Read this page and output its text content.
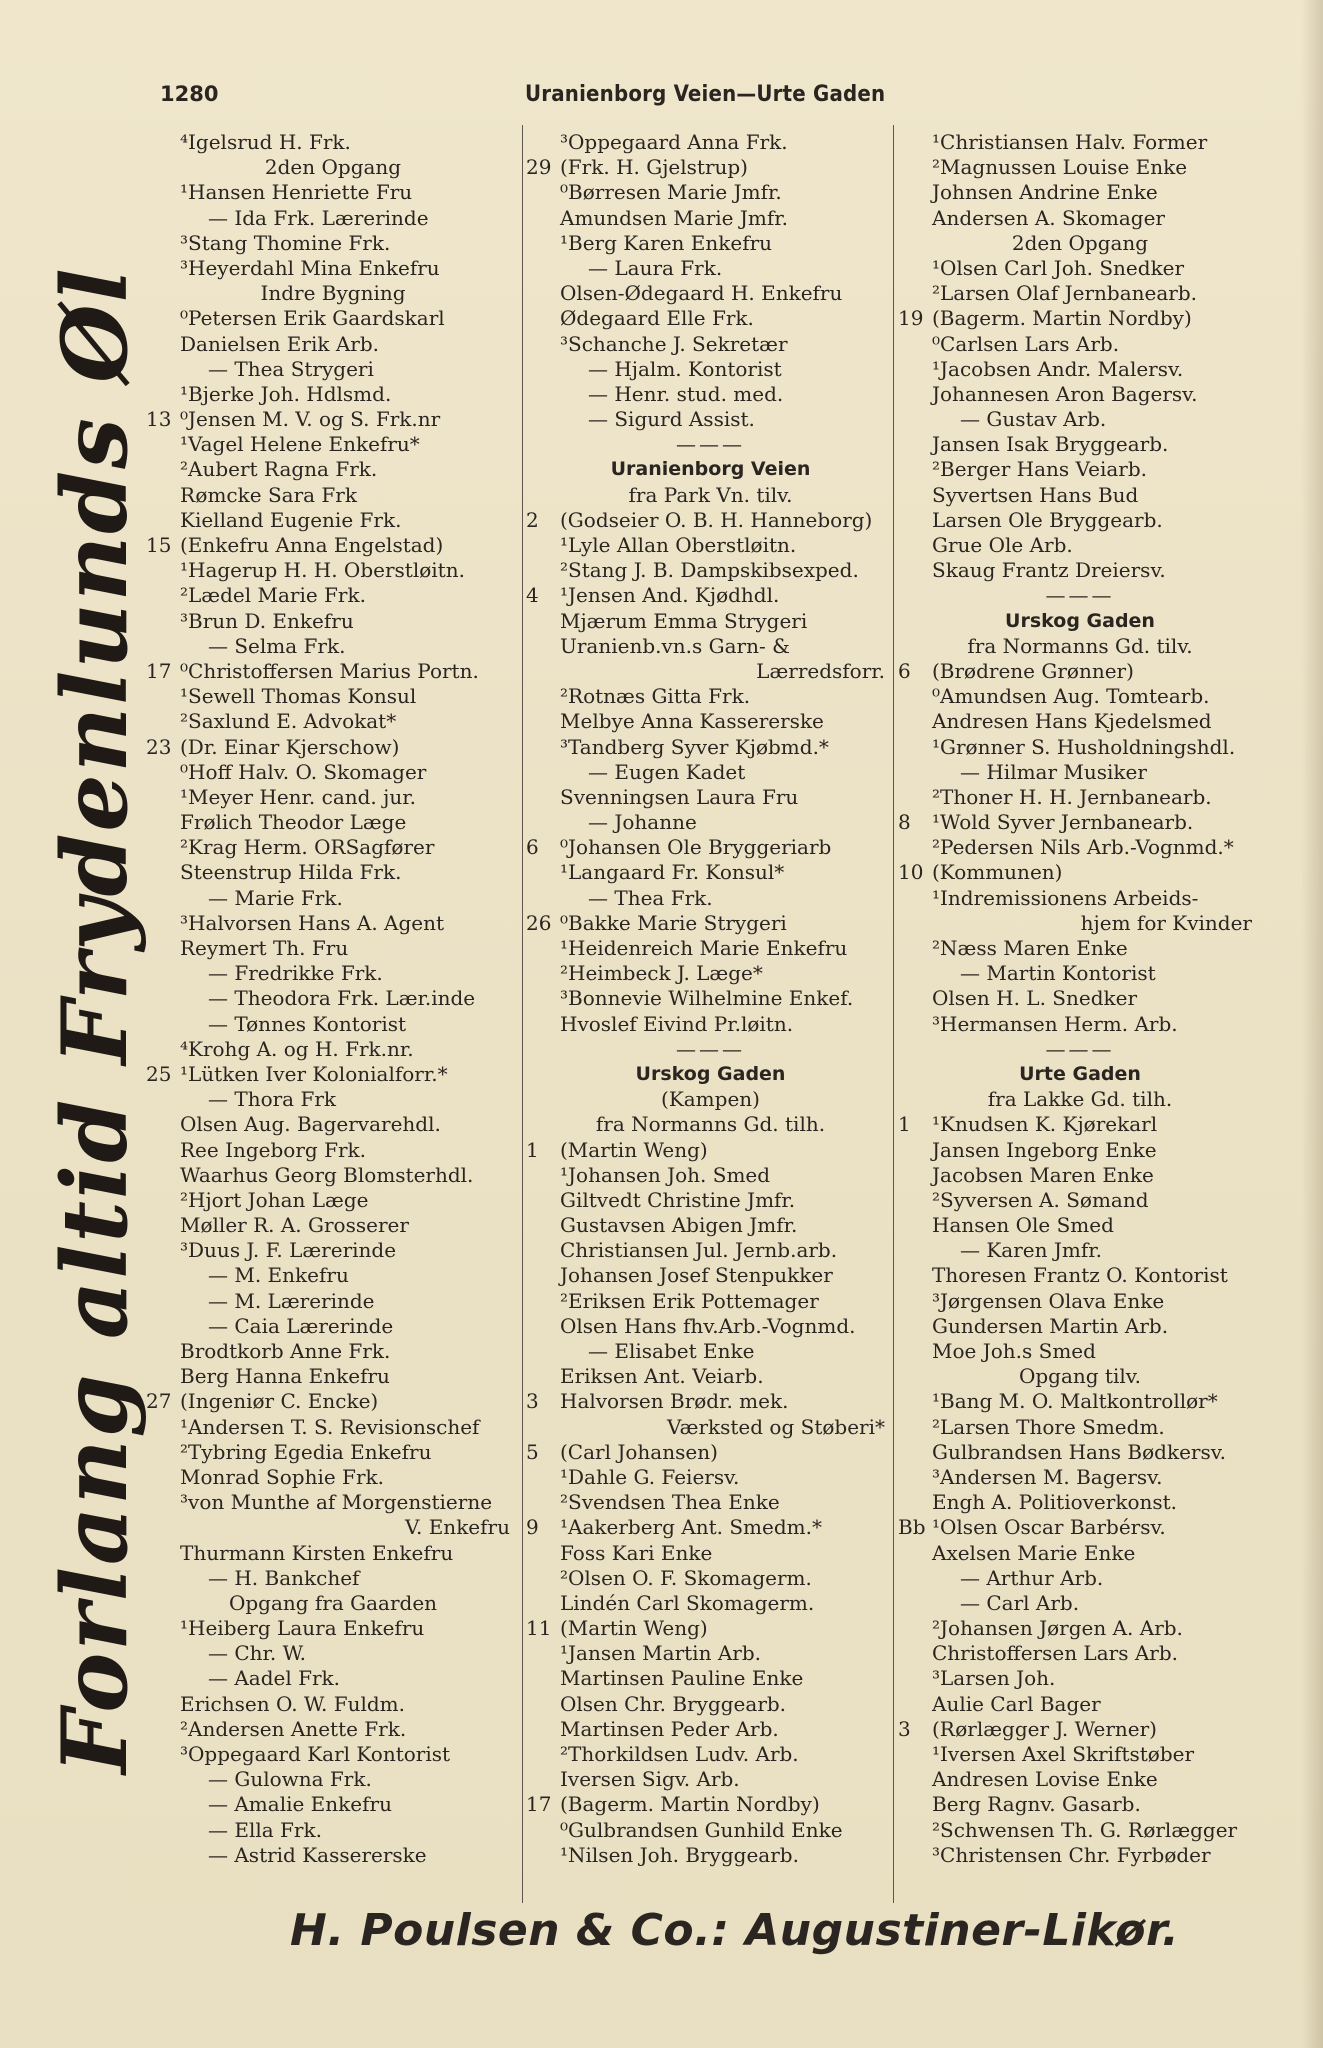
1280	Uranienborg Veien—Urte Gaden
Forlang altid Frydenlunds Øl
⁴Igelsrud H. Frk.
2den Opgang
¹Hansen Henriette Fru
— Ida Frk. Lærerinde
³Stang Thomine Frk.
³Heyerdahl Mina Enkefru
Indre Bygning
⁰Petersen Erik Gaardskarl
Danielsen Erik Arb.
— Thea Strygeri
¹Bjerke Joh. Hdlsmd.
13 ⁰Jensen M. V. og S. Frk.nr
¹Vagel Helene Enkefru*
²Aubert Ragna Frk.
Rømcke Sara Frk
Kielland Eugenie Frk.
15 (Enkefru Anna Engelstad)
¹Hagerup H. H. Oberstløitn.
²Lædel Marie Frk.
³Brun D. Enkefru
— Selma Frk.
17 ⁰Christoffersen Marius Portn.
¹Sewell Thomas Konsul
²Saxlund E. Advokat*
23 (Dr. Einar Kjerschow)
⁰Hoff Halv. O. Skomager
¹Meyer Henr. cand. jur.
Frølich Theodor Læge
²Krag Herm. ORSagfører
Steenstrup Hilda Frk.
— Marie Frk.
³Halvorsen Hans A. Agent
Reymert Th. Fru
— Fredrikke Frk.
— Theodora Frk. Lær.inde
— Tønnes Kontorist
⁴Krohg A. og H. Frk.nr.
25 ¹Lütken Iver Kolonialforr.*
— Thora Frk
Olsen Aug. Bagervarehdl.
Ree Ingeborg Frk.
Waarhus Georg Blomsterhdl.
²Hjort Johan Læge
Møller R. A. Grosserer
³Duus J. F. Lærerinde
— M. Enkefru
— M. Lærerinde
— Caia Lærerinde
Brodtkorb Anne Frk.
Berg Hanna Enkefru
27 (Ingeniør C. Encke)
¹Andersen T. S. Revisionschef
²Tybring Egedia Enkefru
Monrad Sophie Frk.
³von Munthe af Morgenstierne
V. Enkefru
Thurmann Kirsten Enkefru
— H. Bankchef
Opgang fra Gaarden
¹Heiberg Laura Enkefru
— Chr. W.
— Aadel Frk.
Erichsen O. W. Fuldm.
²Andersen Anette Frk.
³Oppegaard Karl Kontorist
— Gulowna Frk.
— Amalie Enkefru
— Ella Frk.
— Astrid Kassererske
³Oppegaard Anna Frk.
29 (Frk. H. Gjelstrup)
⁰Børresen Marie Jmfr.
Amundsen Marie Jmfr.
¹Berg Karen Enkefru
— Laura Frk.
Olsen-Ødegaard H. Enkefru
Ødegaard Elle Frk.
³Schanche J. Sekretær
— Hjalm. Kontorist
— Henr. stud. med.
— Sigurd Assist.
———
Uranienborg Veien
fra Park Vn. tilv.
2	(Godseier O. B. H. Hanneborg)
¹Lyle Allan Oberstløitn.
²Stang J. B. Dampskibsexped.
4	¹Jensen And. Kjødhdl.
Mjærum Emma Strygeri
Uranienb.vn.s Garn- &
Lærredsforr.
²Rotnæs Gitta Frk.
Melbye Anna Kassererske
³Tandberg Syver Kjøbmd.*
— Eugen Kadet
Svenningsen Laura Fru
— Johanne
6	⁰Johansen Ole Bryggeriarb
¹Langaard Fr. Konsul*
— Thea Frk.
26 ⁰Bakke Marie Strygeri
¹Heidenreich Marie Enkefru
²Heimbeck J. Læge*
³Bonnevie Wilhelmine Enkef.
Hvoslef Eivind Pr.løitn.
———
Urskog Gaden
(Kampen)
fra Normanns Gd. tilh.
1	(Martin Weng)
¹Johansen Joh. Smed
Giltvedt Christine Jmfr.
Gustavsen Abigen Jmfr.
Christiansen Jul. Jernb.arb.
Johansen Josef Stenpukker
²Eriksen Erik Pottemager
Olsen Hans fhv.Arb.-Vognmd.
— Elisabet Enke
Eriksen Ant. Veiarb.
3	Halvorsen Brødr. mek.
Værksted og Støberi*
5	(Carl Johansen)
¹Dahle G. Feiersv.
²Svendsen Thea Enke
9	¹Aakerberg Ant. Smedm.*
Foss Kari Enke
²Olsen O. F. Skomagerm.
Lindén Carl Skomagerm.
11 (Martin Weng)
¹Jansen Martin Arb.
Martinsen Pauline Enke
Olsen Chr. Bryggearb.
Martinsen Peder Arb.
²Thorkildsen Ludv. Arb.
Iversen Sigv. Arb.
17 (Bagerm. Martin Nordby)
⁰Gulbrandsen Gunhild Enke
¹Nilsen Joh. Bryggearb.
¹Christiansen Halv. Former
²Magnussen Louise Enke
Johnsen Andrine Enke
Andersen A. Skomager
2den Opgang
¹Olsen Carl Joh. Snedker
²Larsen Olaf Jernbanearb.
19 (Bagerm. Martin Nordby)
⁰Carlsen Lars Arb.
¹Jacobsen Andr. Malersv.
Johannesen Aron Bagersv.
— Gustav Arb.
Jansen Isak Bryggearb.
²Berger Hans Veiarb.
Syvertsen Hans Bud
Larsen Ole Bryggearb.
Grue Ole Arb.
Skaug Frantz Dreiersv.
———
Urskog Gaden
fra Normanns Gd. tilv.
6	(Brødrene Grønner)
⁰Amundsen Aug. Tomtearb.
Andresen Hans Kjedelsmed
¹Grønner S. Husholdningshdl.
— Hilmar Musiker
²Thoner H. H. Jernbanearb.
8	¹Wold Syver Jernbanearb.
²Pedersen Nils Arb.-Vognmd.*
10 (Kommunen)
¹Indremissionens Arbeids-
hjem for Kvinder
²Næss Maren Enke
— Martin Kontorist
Olsen H. L. Snedker
³Hermansen Herm. Arb.
———
Urte Gaden
fra Lakke Gd. tilh.
1	¹Knudsen K. Kjørekarl
Jansen Ingeborg Enke
Jacobsen Maren Enke
²Syversen A. Sømand
Hansen Ole Smed
— Karen Jmfr.
Thoresen Frantz O. Kontorist
³Jørgensen Olava Enke
Gundersen Martin Arb.
Moe Joh.s Smed
Opgang tilv.
¹Bang M. O. Maltkontrollør*
²Larsen Thore Smedm.
Gulbrandsen Hans Bødkersv.
³Andersen M. Bagersv.
Engh A. Politioverkonst.
Bb ¹Olsen Oscar Barbérsv.
Axelsen Marie Enke
— Arthur Arb.
— Carl Arb.
²Johansen Jørgen A. Arb.
Christoffersen Lars Arb.
³Larsen Joh.
Aulie Carl Bager
3	(Rørlægger J. Werner)
¹Iversen Axel Skriftstøber
Andresen Lovise Enke
Berg Ragnv. Gasarb.
²Schwensen Th. G. Rørlægger
³Christensen Chr. Fyrbøder
H. Poulsen & Co.: Augustiner-Likør.
